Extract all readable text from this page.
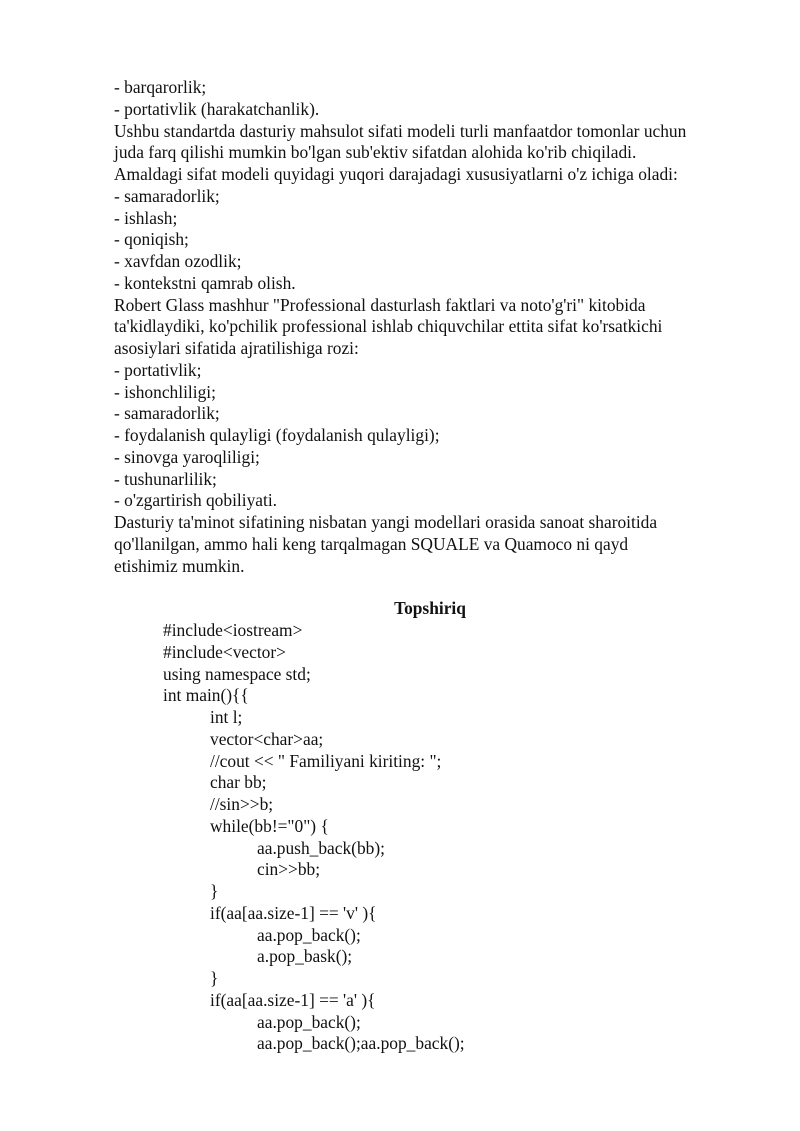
- barqarorlik;
- portativlik (harakatchanlik).
Ushbu standartda dasturiy mahsulot sifati modeli turli manfaatdor tomonlar uchun
juda farq qilishi mumkin bo'lgan sub'ektiv sifatdan alohida ko'rib chiqiladi.
Amaldagi sifat modeli quyidagi yuqori darajadagi xususiyatlarni o'z ichiga oladi:
- samaradorlik;
- ishlash;
- qoniqish;
- xavfdan ozodlik;
- kontekstni qamrab olish.
Robert Glass mashhur "Professional dasturlash faktlari va noto'g'ri" kitobida
ta'kidlaydiki, ko'pchilik professional ishlab chiquvchilar ettita sifat ko'rsatkichi
asosiylari sifatida ajratilishiga rozi:
- portativlik;
- ishonchliligi;
- samaradorlik;
- foydalanish qulayligi (foydalanish qulayligi);
- sinovga yaroqliligi;
- tushunarlilik;
- o'zgartirish qobiliyati.
Dasturiy ta'minot sifatining nisbatan yangi modellari orasida sanoat sharoitida
qo'llanilgan, ammo hali keng tarqalmagan SQUALE va Quamoco ni qayd
etishimiz mumkin.
Topshiriq
#include<iostream>
#include<vector>
using namespace std;
int main(){{
int l;
vector<char>aa;
//cout << " Familiyani kiriting: ";
char bb;
//sin>>b;
while(bb!="0") {
aa.push_back(bb);
cin>>bb;
}
if(aa[aa.size-1] == 'v' ){
aa.pop_back();
a.pop_bask();
}
if(aa[aa.size-1] == 'a' ){
aa.pop_back();
aa.pop_back();aa.pop_back();
